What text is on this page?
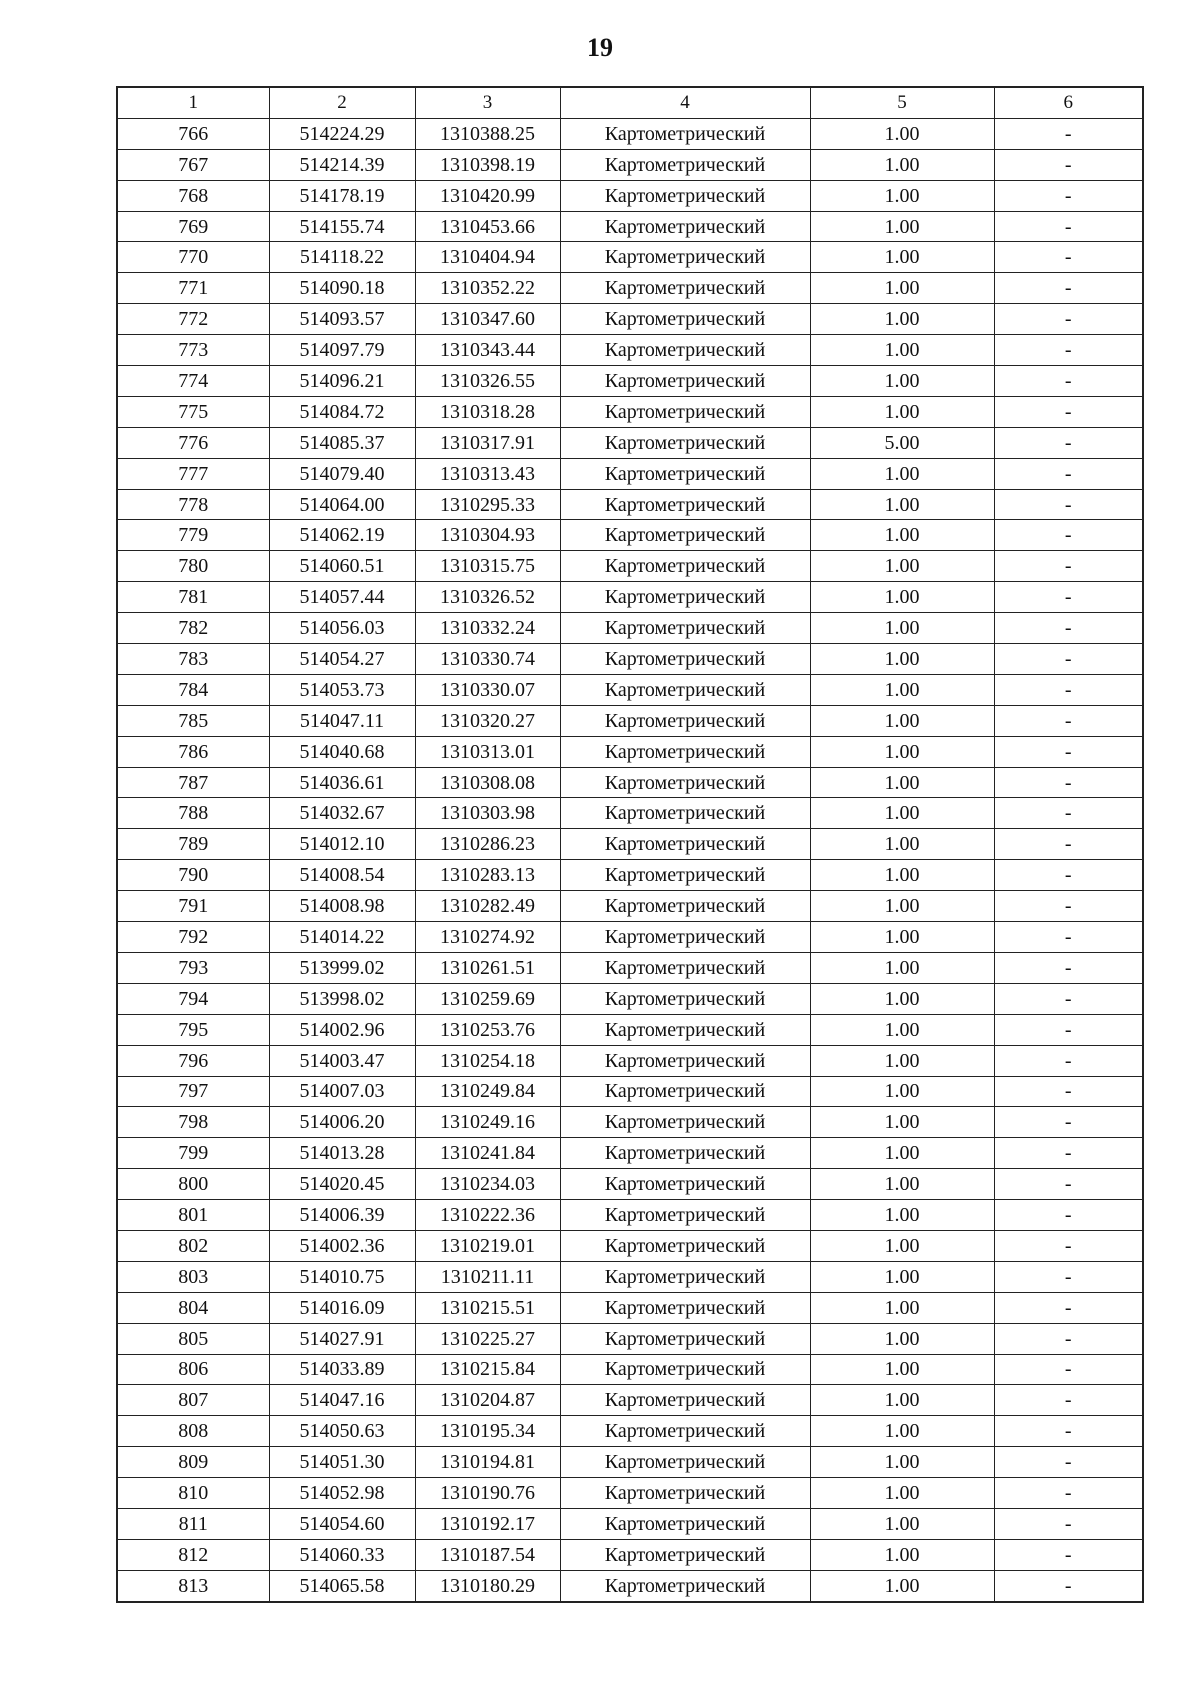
19
1	2	3	4	5	6
766	514224.29	1310388.25	Картометрический	1.00	-
767	514214.39	1310398.19	Картометрический	1.00	-
768	514178.19	1310420.99	Картометрический	1.00	-
769	514155.74	1310453.66	Картометрический	1.00	-
770	514118.22	1310404.94	Картометрический	1.00	-
771	514090.18	1310352.22	Картометрический	1.00	-
772	514093.57	1310347.60	Картометрический	1.00	-
773	514097.79	1310343.44	Картометрический	1.00	-
774	514096.21	1310326.55	Картометрический	1.00	-
775	514084.72	1310318.28	Картометрический	1.00	-
776	514085.37	1310317.91	Картометрический	5.00	-
777	514079.40	1310313.43	Картометрический	1.00	-
778	514064.00	1310295.33	Картометрический	1.00	-
779	514062.19	1310304.93	Картометрический	1.00	-
780	514060.51	1310315.75	Картометрический	1.00	-
781	514057.44	1310326.52	Картометрический	1.00	-
782	514056.03	1310332.24	Картометрический	1.00	-
783	514054.27	1310330.74	Картометрический	1.00	-
784	514053.73	1310330.07	Картометрический	1.00	-
785	514047.11	1310320.27	Картометрический	1.00	-
786	514040.68	1310313.01	Картометрический	1.00	-
787	514036.61	1310308.08	Картометрический	1.00	-
788	514032.67	1310303.98	Картометрический	1.00	-
789	514012.10	1310286.23	Картометрический	1.00	-
790	514008.54	1310283.13	Картометрический	1.00	-
791	514008.98	1310282.49	Картометрический	1.00	-
792	514014.22	1310274.92	Картометрический	1.00	-
793	513999.02	1310261.51	Картометрический	1.00	-
794	513998.02	1310259.69	Картометрический	1.00	-
795	514002.96	1310253.76	Картометрический	1.00	-
796	514003.47	1310254.18	Картометрический	1.00	-
797	514007.03	1310249.84	Картометрический	1.00	-
798	514006.20	1310249.16	Картометрический	1.00	-
799	514013.28	1310241.84	Картометрический	1.00	-
800	514020.45	1310234.03	Картометрический	1.00	-
801	514006.39	1310222.36	Картометрический	1.00	-
802	514002.36	1310219.01	Картометрический	1.00	-
803	514010.75	1310211.11	Картометрический	1.00	-
804	514016.09	1310215.51	Картометрический	1.00	-
805	514027.91	1310225.27	Картометрический	1.00	-
806	514033.89	1310215.84	Картометрический	1.00	-
807	514047.16	1310204.87	Картометрический	1.00	-
808	514050.63	1310195.34	Картометрический	1.00	-
809	514051.30	1310194.81	Картометрический	1.00	-
810	514052.98	1310190.76	Картометрический	1.00	-
811	514054.60	1310192.17	Картометрический	1.00	-
812	514060.33	1310187.54	Картометрический	1.00	-
813	514065.58	1310180.29	Картометрический	1.00	-
